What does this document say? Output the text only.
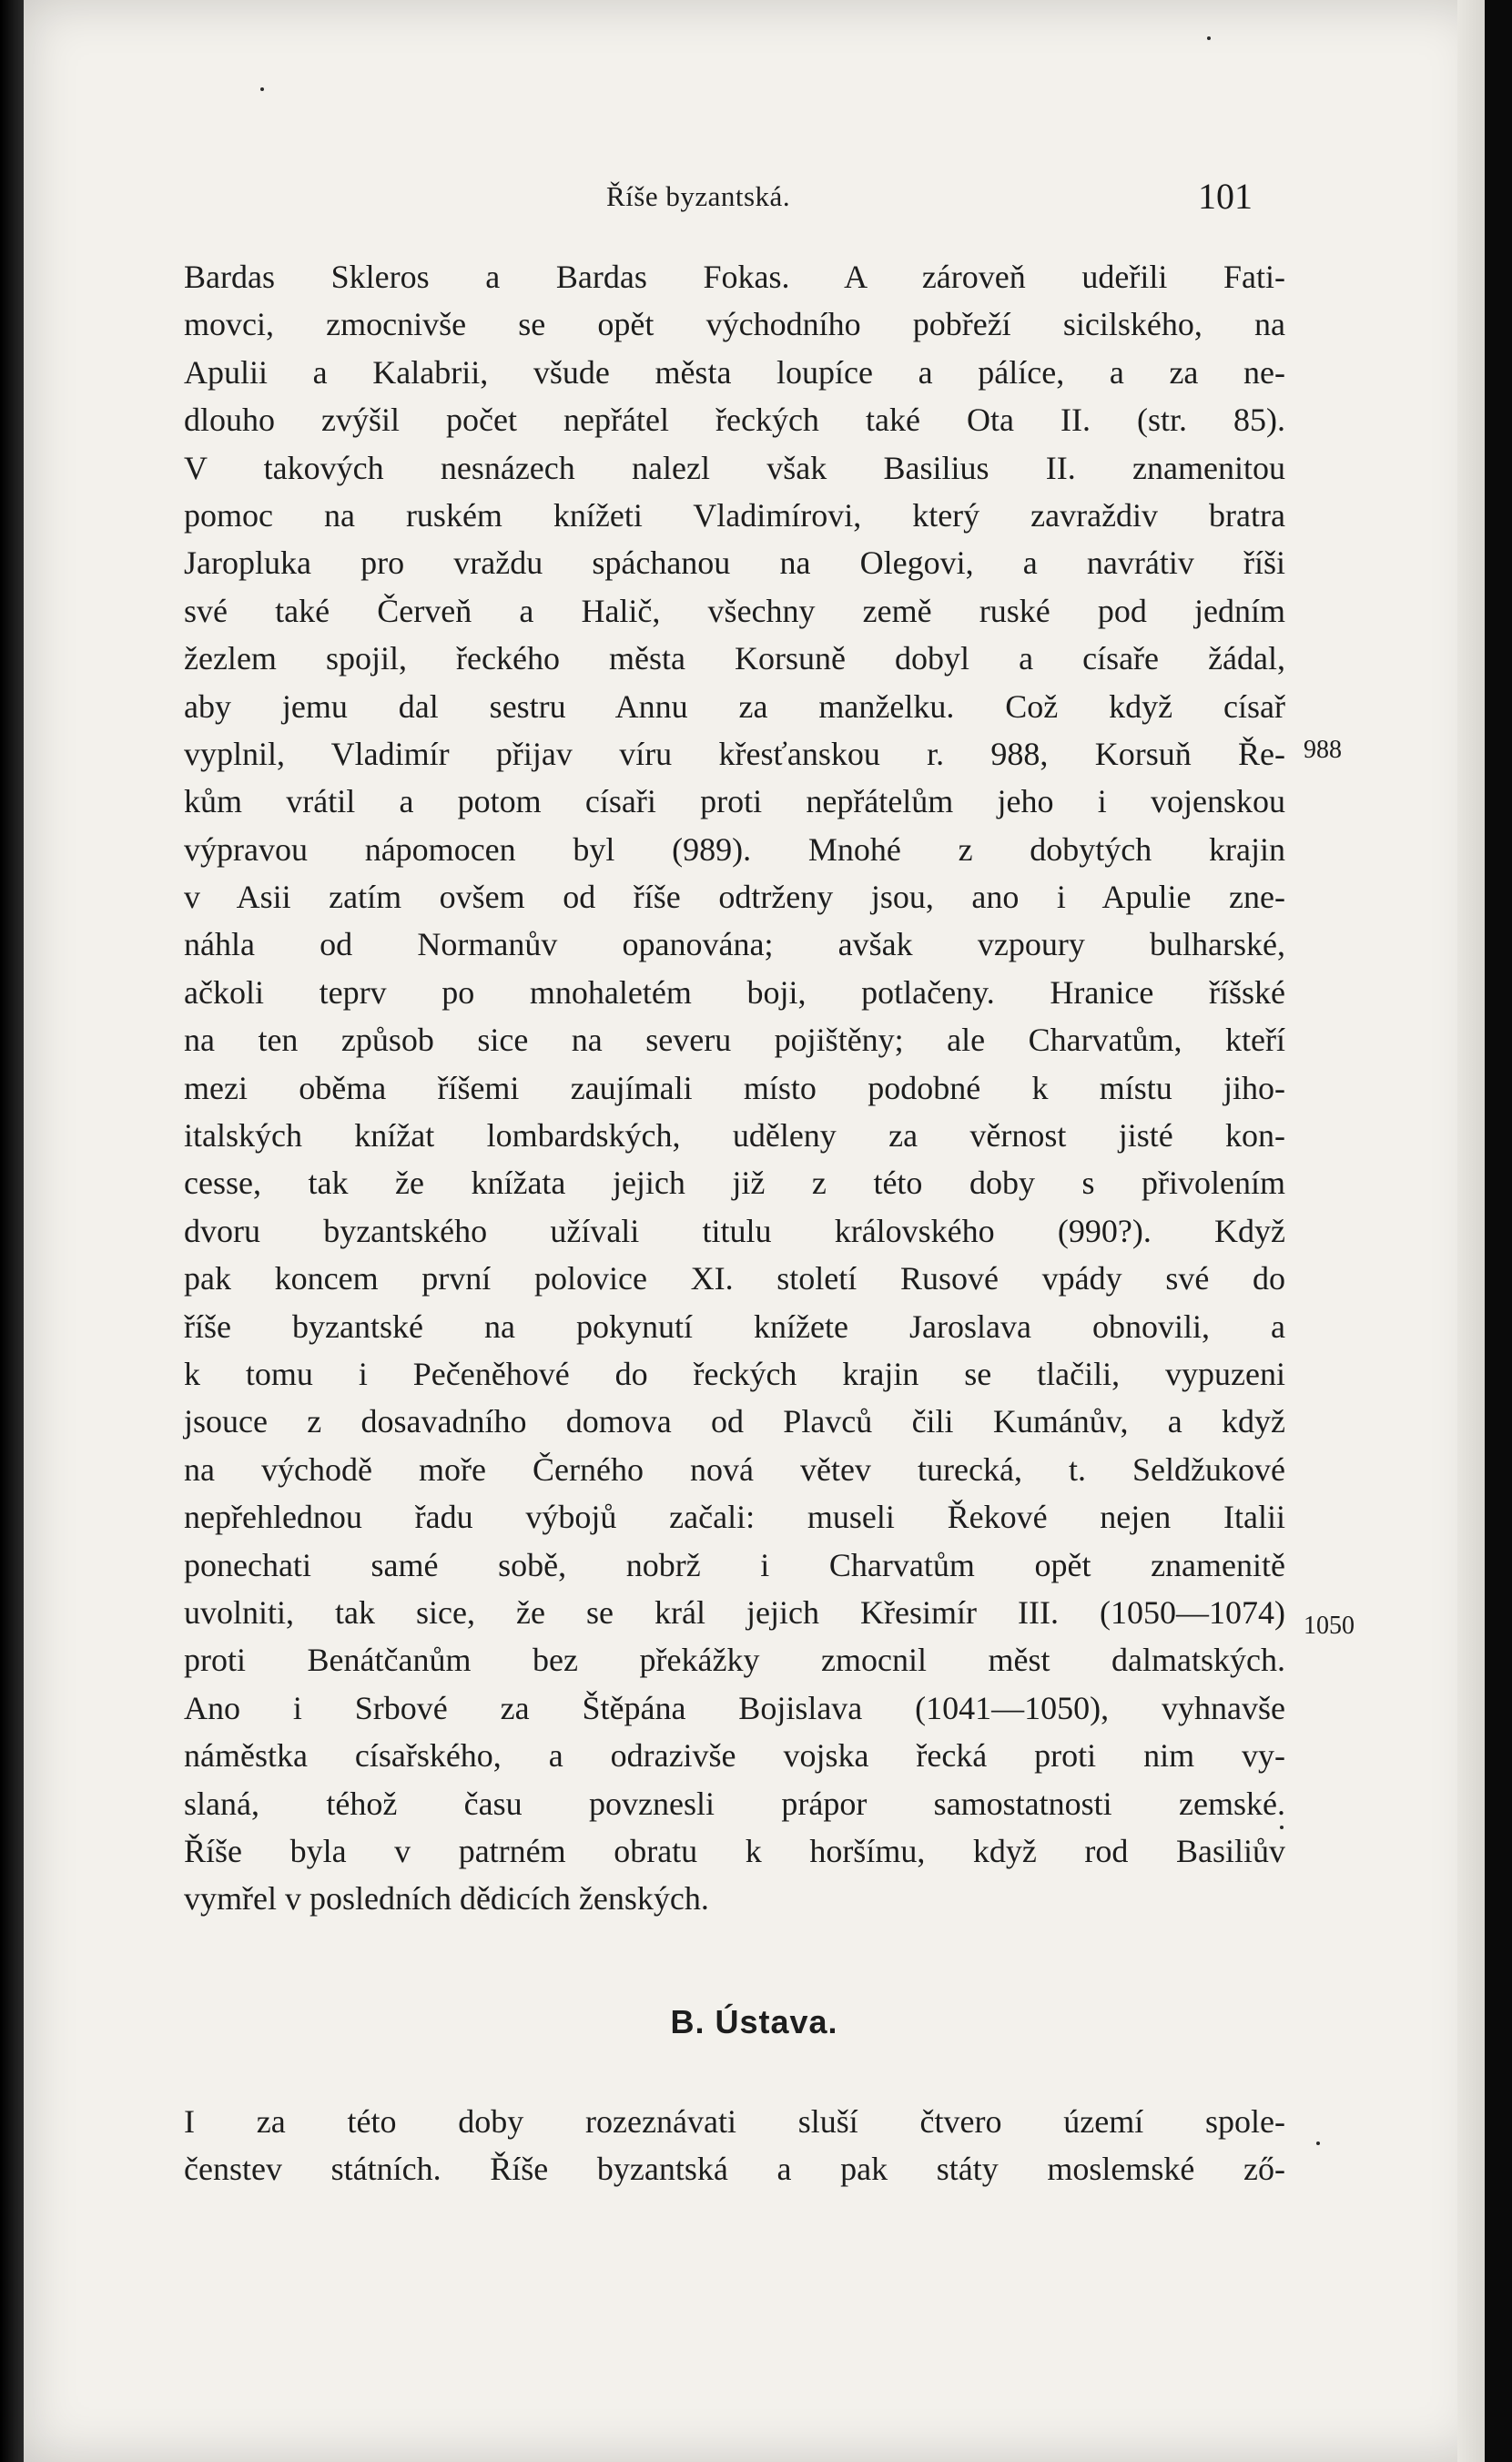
Říše byzantská.	101
Bardas Skleros a Bardas Fokas. A zároveň udeřili Fati-
movci, zmocnivše se opět východního pobřeží sicilského, na
Apulii a Kalabrii, všude města loupíce a pálíce, a za ne-
dlouho zvýšil počet nepřátel řeckých také Ota II. (str. 85).
V takových nesnázech nalezl však Basilius II. znamenitou
pomoc na ruském knížeti Vladimírovi, který zavraždiv bratra
Jaropluka pro vraždu spáchanou na Olegovi, a navrátiv říši
své také Červeň a Halič, všechny země ruské pod jedním
žezlem spojil, řeckého města Korsuně dobyl a císaře žádal,
aby jemu dal sestru Annu za manželku. Což když císař
vyplnil, Vladimír přijav víru křesťanskou r. 988, Korsuň Ře-
kům vrátil a potom císaři proti nepřátelům jeho i vojenskou
výpravou nápomocen byl (989). Mnohé z dobytých krajin
v Asii zatím ovšem od říše odtrženy jsou, ano i Apulie zne-
náhla od Normanův opanována; avšak vzpoury bulharské,
ačkoli teprv po mnohaletém boji, potlačeny. Hranice říšské
na ten způsob sice na severu pojištěny; ale Charvatům, kteří
mezi oběma říšemi zaujímali místo podobné k místu jiho-
italských knížat lombardských, uděleny za věrnost jisté kon-
cesse, tak že knížata jejich již z této doby s přivolením
dvoru byzantského užívali titulu královského (990?). Když
pak koncem první polovice XI. století Rusové vpády své do
říše byzantské na pokynutí knížete Jaroslava obnovili, a
k tomu i Pečeněhové do řeckých krajin se tlačili, vypuzeni
jsouce z dosavadního domova od Plavců čili Kumánův, a když
na východě moře Černého nová větev turecká, t. Seldžukové
nepřehlednou řadu výbojů začali: museli Řekové nejen Italii
ponechati samé sobě, nobrž i Charvatům opět znamenitě
uvolniti, tak sice, že se král jejich Křesimír III. (1050—1074)
proti Benátčanům bez překážky zmocnil měst dalmatských.
Ano i Srbové za Štěpána Bojislava (1041—1050), vyhnavše
náměstka císařského, a odrazivše vojska řecká proti nim vy-
slaná, téhož času povznesli prápor samostatnosti zemské.
Říše byla v patrném obratu k horšímu, když rod Basiliův
vymřel v posledních dědicích ženských.
988
1050
B. Ústava.
I za této doby rozeznávati sluší čtvero území spole-
čenstev státních. Říše byzantská a pak státy moslemské ző-
